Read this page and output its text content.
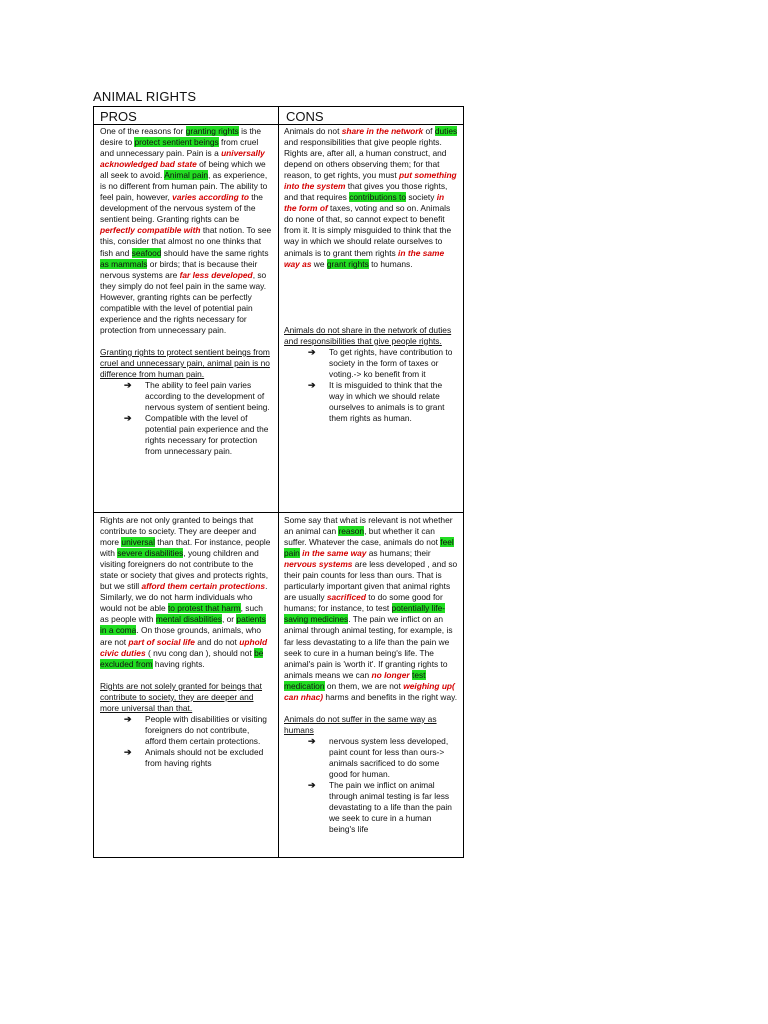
ANIMAL RIGHTS
PROS	CONS

One of the reasons for granting rights is the desire to protect sentient beings from cruel and unnecessary pain. Pain is a universally acknowledged bad state of being which we all seek to avoid. Animal pain, as experience, is no different from human pain. The ability to feel pain, however, varies according to the development of the nervous system of the sentient being. Granting rights can be perfectly compatible with that notion. To see this, consider that almost no one thinks that fish and seafood should have the same rights as mammals or birds; that is because their nervous systems are far less developed, so they simply do not feel pain in the same way. However, granting rights can be perfectly compatible with the level of potential pain experience and the rights necessary for protection from unnecessary pain.

Granting rights to protect sentient beings from cruel and unnecessary pain, animal pain is no difference from human pain.

➔ The ability to feel pain varies according to the development of nervous system of sentient being.
➔ Compatible with the level of potential pain experience and the rights necessary for protection from unnecessary pain.

Animals do not share in the network of duties and responsibilities that give people rights. Rights are, after all, a human construct, and depend on others observing them; for that reason, to get rights, you must put something into the system that gives you those rights, and that requires contributions to society in the form of taxes, voting and so on. Animals do none of that, so cannot expect to benefit from it. It is simply misguided to think that the way in which we should relate ourselves to animals is to grant them rights in the same way as we grant rights to humans.

Animals do not share in the network of duties and responsibilities that give people rights.

➔ To get rights, have contribution to society in the form of taxes or voting.-> ko benefit from it
➔ It is misguided to think that the way in which we should relate ourselves to animals is to grant them rights as human.

Rights are not only granted to beings that contribute to society. They are deeper and more universal than that. For instance, people with severe disabilities, young children and visiting foreigners do not contribute to the state or society that gives and protects rights, but we still afford them certain protections. Similarly, we do not harm individuals who would not be able to protest that harm, such as people with mental disabilities, or patients in a coma. On those grounds, animals, who are not part of social life and do not uphold civic duties ( nvu cong dan ), should not be excluded from having rights.

Rights are not solely granted for beings that contribute to society, they are deeper and more universal than that.

➔ People with disabilities or visiting foreigners do not contribute, afford them certain protections.
➔ Animals should not be excluded from having rights

Some say that what is relevant is not whether an animal can reason, but whether it can suffer. Whatever the case, animals do not feel pain in the same way as humans; their nervous systems are less developed , and so their pain counts for less than ours. That is particularly important given that animal rights are usually sacrificed to do some good for humans; for instance, to test potentially life-saving medicines. The pain we inflict on an animal through animal testing, for example, is far less devastating to a life than the pain we seek to cure in a human being's life. The animal's pain is 'worth it'. If granting rights to animals means we can no longer test medication on them, we are not weighing up( can nhac) harms and benefits in the right way.

Animals do not suffer in the same way as humans

➔ nervous system less developed, paint count for less than ours-> animals sacrificed to do some good for human.
➔ The pain we inflict on animal through animal testing is far less devastating to a life than the pain we seek to cure in a human being's life
